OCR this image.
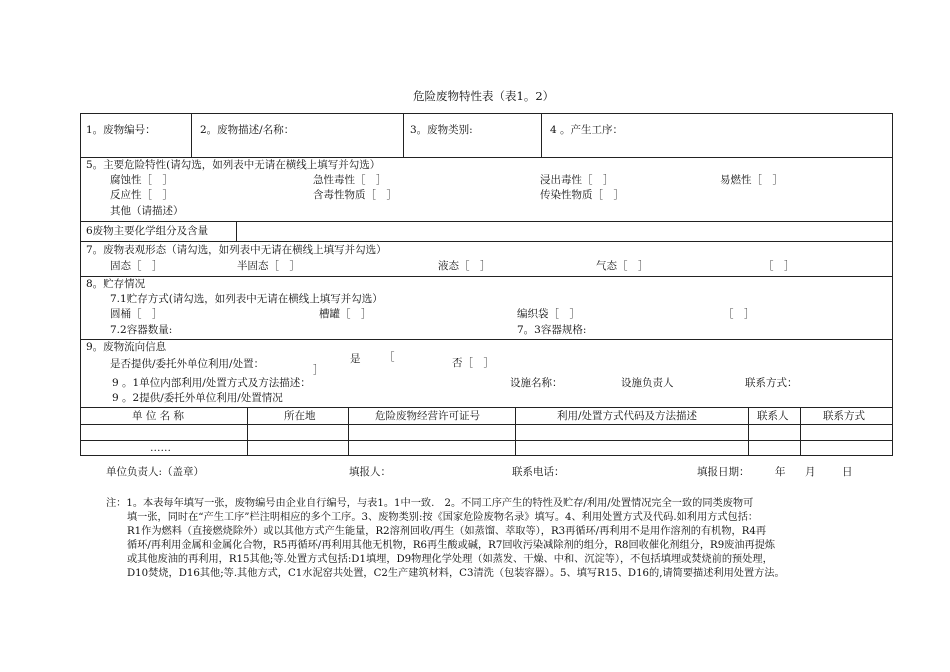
危险废物特性表（表1。2）
1。废物编号：	2。废物描述/名称：	3。废物类别:	4 。产生工序：
5。主要危险特性(请勾选，如列表中无请在横线上填写并勾选）
腐蚀性［　］	急性毒性［　］	浸出毒性［　］	易燃性［　］
反应性［　］	含毒性物质［　］	传染性物质［　］
其他（请描述）
6废物主要化学组分及含量
7。废物表观形态（请勾选，如列表中无请在横线上填写并勾选）
固态［　］	半固态［　］	液态［　］	气态［　］	［　］
8。贮存情况
7.1贮存方式(请勾选，如列表中无请在横线上填写并勾选）
圆桶［　］	槽罐［　］	编织袋［　］	［　］
7.2容器数量:	7。3容器规格:
9。废物流向信息
是否提供/委托外单位利用/处置：	是 ［
］
否［　］
9 。1单位内部利用/处置方式及方法描述：	设施名称：	设施负责人	联系方式：
9 。2提供/委托外单位利用/处置情况
单 位 名 称	所在地	危险废物经营许可证号	利用/处置方式代码及方法描述	联系人	联系方式
……
单位负责人:（盖章）	填报人：	联系电话：	填报日期： 年 月	日
注：1。本表每年填写一张，废物编号由企业自行编号，与表1。1中一致.　2。不同工序产生的特性及贮存/利用/处置情况完全一致的同类废物可
填一张，同时在“产生工序”栏注明相应的多个工序。3、废物类别:按《国家危险废物名录》填写。4、利用处置方式及代码.如利用方式包括：
R1作为燃料（直接燃烧除外）或以其他方式产生能量，R2溶剂回收/再生（如蒸馏、萃取等），R3再循环/再利用不是用作溶剂的有机物，R4再
循环/再利用金属和金属化合物，R5再循环/再利用其他无机物，R6再生酸或碱，R7回收污染减除剂的组分，R8回收催化剂组分，R9废油再提炼
或其他废油的再利用，R15其他;等.处置方式包括:D1填埋，D9物理化学处理（如蒸发、干燥、中和、沉淀等），不包括填埋或焚烧前的预处理，
D10焚烧，D16其他;等.其他方式，C1水泥窑共处置，C2生产建筑材料，C3清洗（包装容器）。5、填写R15、D16的,请简要描述利用处置方法。
